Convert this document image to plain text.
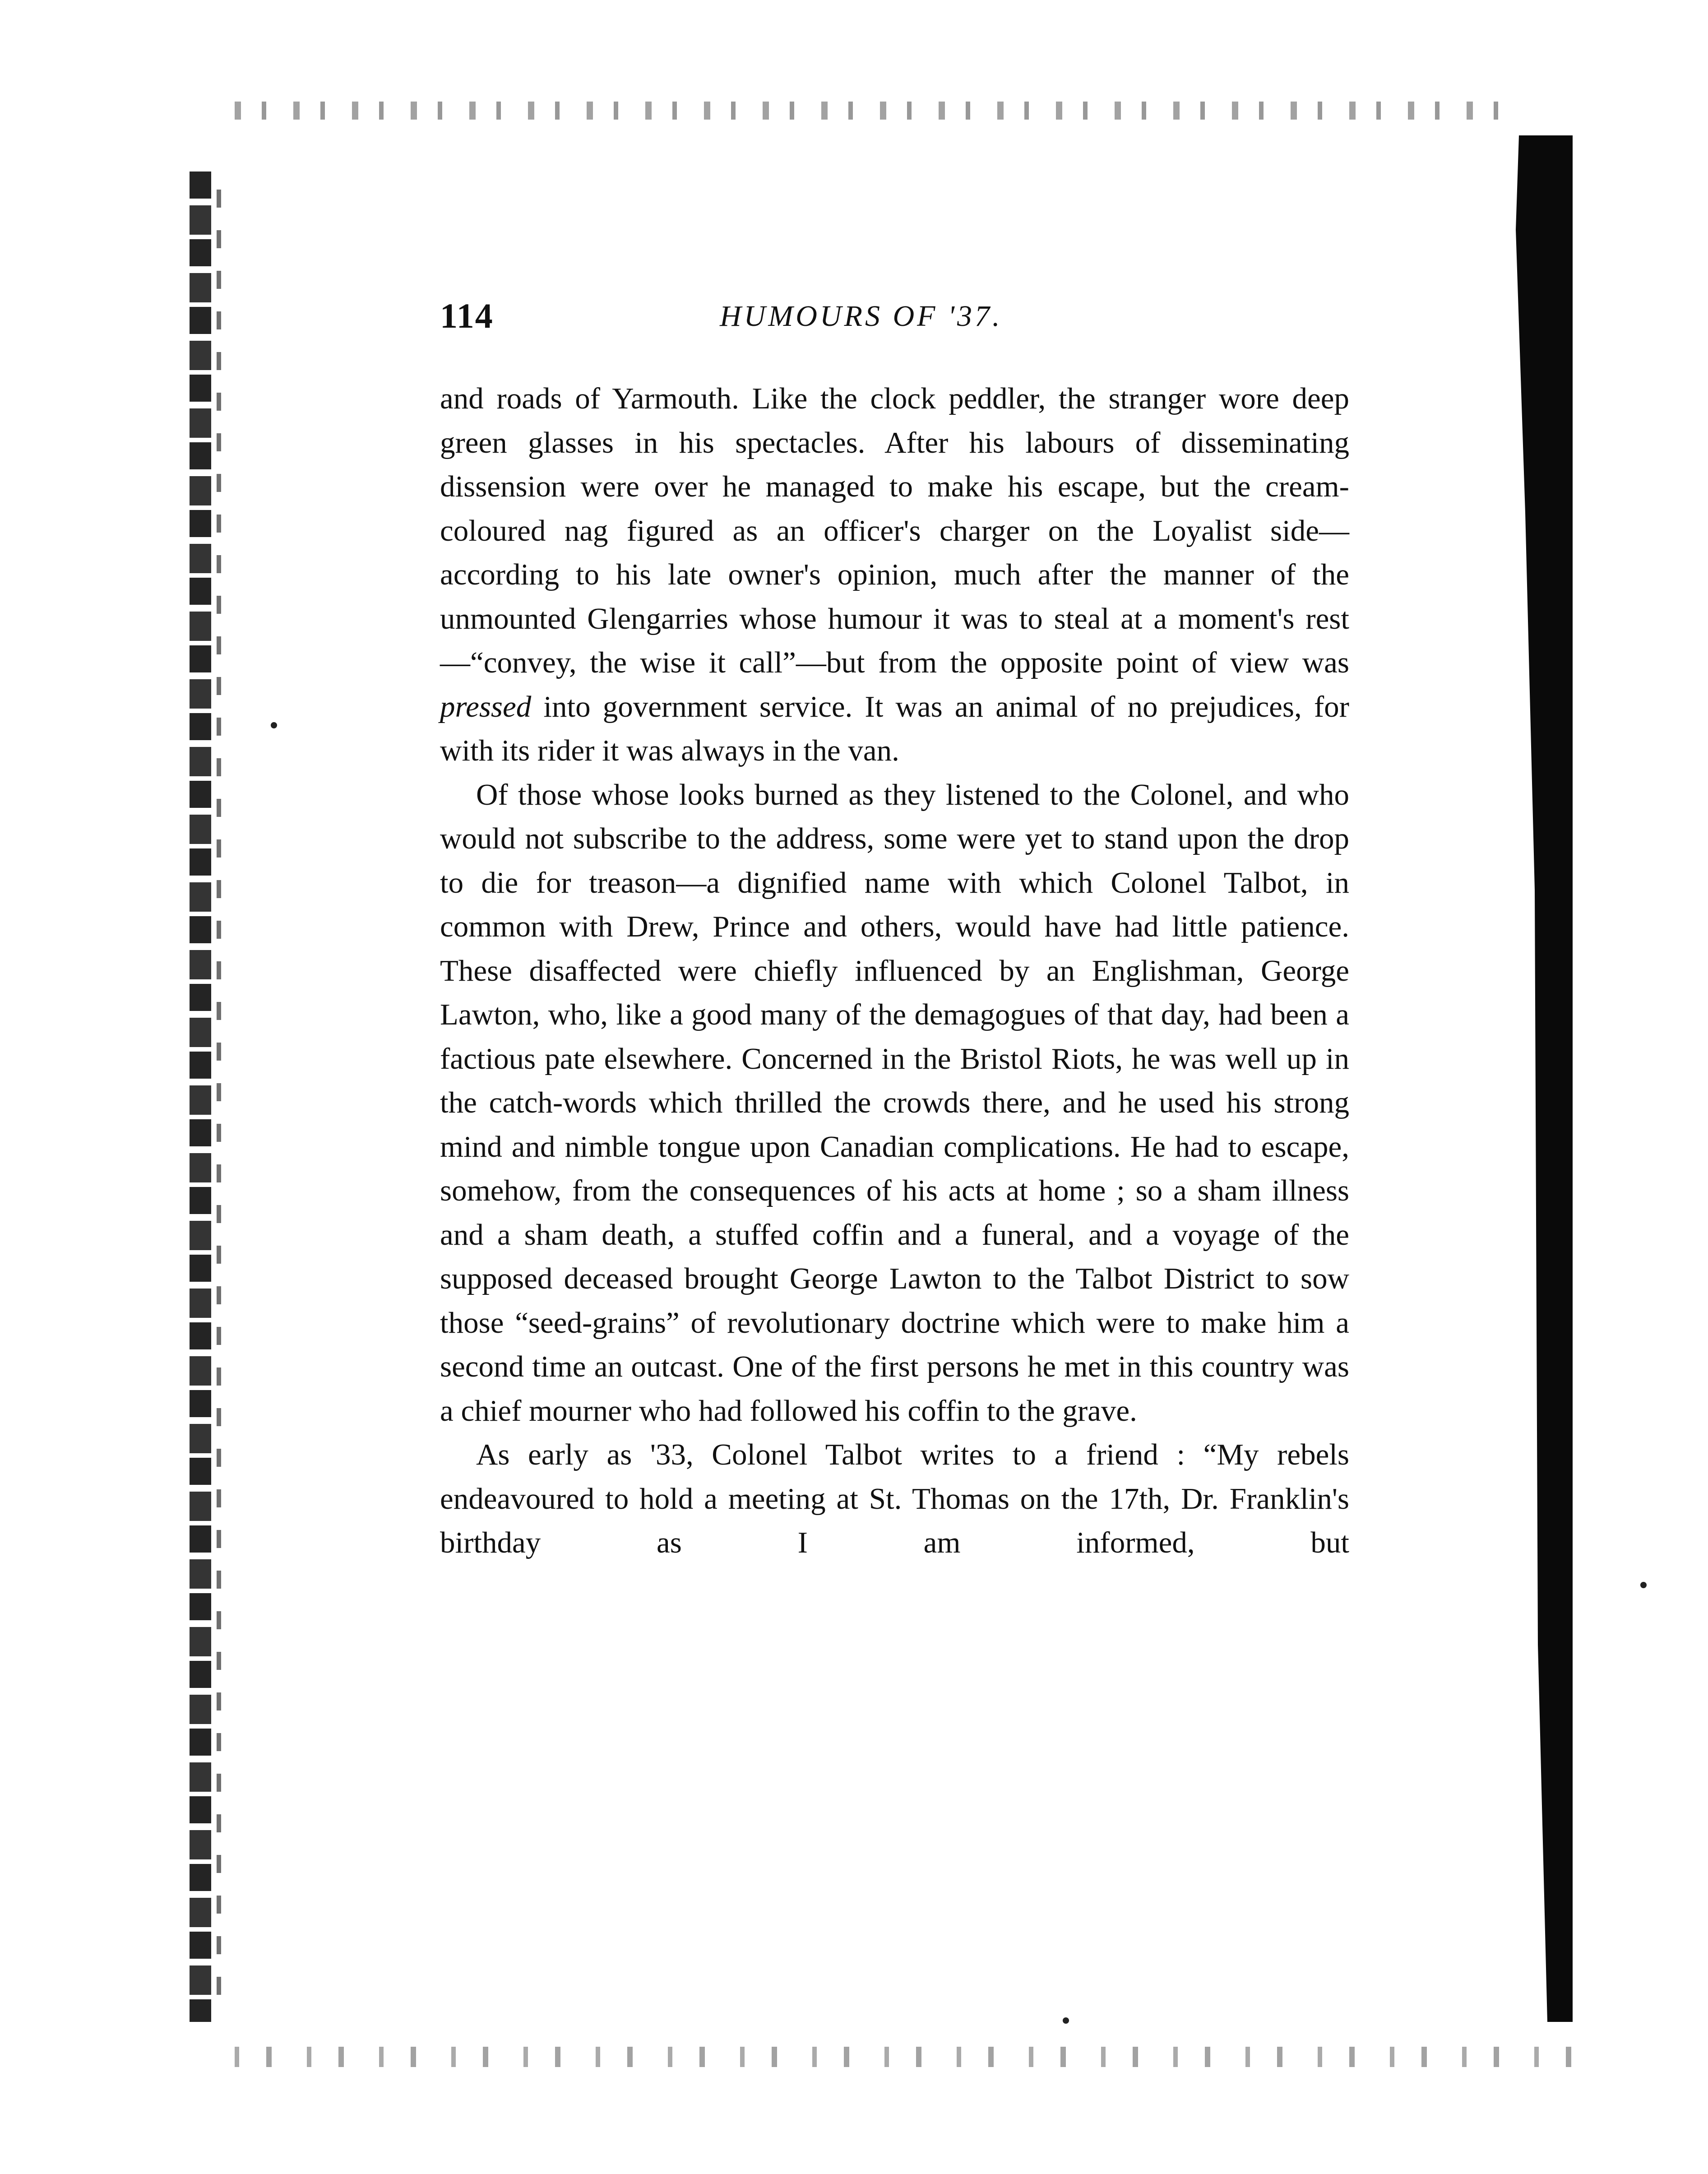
114	HUMOURS OF '37.

and roads of Yarmouth. Like the clock peddler, the stranger wore deep green glasses in his spectacles. After his labours of disseminating dissension were over he managed to make his escape, but the cream-coloured nag figured as an officer's charger on the Loyalist side—according to his late owner's opinion, much after the manner of the unmounted Glengarries whose humour it was to steal at a moment's rest—“convey, the wise it call”—but from the opposite point of view was pressed into government service. It was an animal of no prejudices, for with its rider it was always in the van.

Of those whose looks burned as they listened to the Colonel, and who would not subscribe to the address, some were yet to stand upon the drop to die for treason—a dignified name with which Colonel Talbot, in common with Drew, Prince and others, would have had little patience. These disaffected were chiefly influenced by an Englishman, George Lawton, who, like a good many of the demagogues of that day, had been a factious pate elsewhere. Concerned in the Bristol Riots, he was well up in the catch-words which thrilled the crowds there, and he used his strong mind and nimble tongue upon Canadian complications. He had to escape, somehow, from the consequences of his acts at home ; so a sham illness and a sham death, a stuffed coffin and a funeral, and a voyage of the supposed deceased brought George Lawton to the Talbot District to sow those “seed-grains” of revolutionary doctrine which were to make him a second time an outcast. One of the first persons he met in this country was a chief mourner who had followed his coffin to the grave.

As early as '33, Colonel Talbot writes to a friend : “My rebels endeavoured to hold a meeting at St. Thomas on the 17th, Dr. Franklin's birthday as I am informed, but
